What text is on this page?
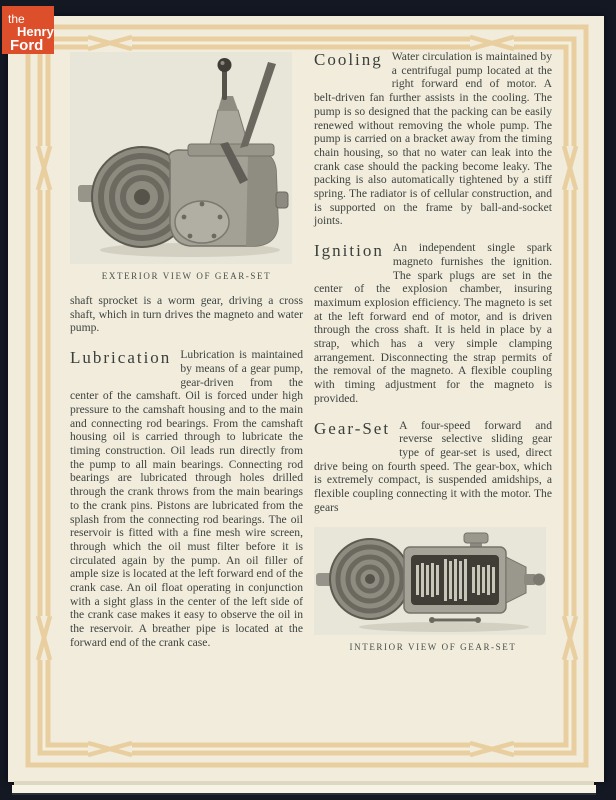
the
Henry
Ford
EXTERIOR VIEW OF GEAR-SET

shaft sprocket is a worm gear, driving a cross shaft, which in turn drives the magneto and water pump.

Lubrication Lubrication is maintained by means of a gear pump, gear-driven from the center of the camshaft. Oil is forced under high pressure to the camshaft housing and to the main and connecting rod bearings. From the camshaft housing oil is carried through to lubricate the timing construction. Oil leads run directly from the pump to all main bearings. Connecting rod bearings are lubricated through holes drilled through the crank throws from the main bearings to the crank pins. Pistons are lubricated from the splash from the connecting rod bearings. The oil reservoir is fitted with a fine mesh wire screen, through which the oil must filter before it is circulated again by the pump. An oil filler of ample size is located at the left forward end of the crank case. An oil float operating in conjunction with a sight glass in the center of the left side of the crank case makes it easy to observe the oil in the reservoir. A breather pipe is located at the forward end of the crank case.

Cooling Water circulation is maintained by a centrifugal pump located at the right forward end of motor. A belt-driven fan further assists in the cooling. The pump is so designed that the packing can be easily renewed without removing the whole pump. The pump is carried on a bracket away from the timing chain housing, so that no water can leak into the crank case should the packing become leaky. The packing is also automatically tightened by a stiff spring. The radiator is of cellular construction, and is supported on the frame by ball-and-socket joints.

Ignition An independent single spark magneto furnishes the ignition. The spark plugs are set in the center of the explosion chamber, insuring maximum explosion efficiency. The magneto is set at the left forward end of motor, and is driven through the cross shaft. It is held in place by a strap, which has a very simple clamping arrangement. Disconnecting the strap permits of the removal of the magneto. A flexible coupling with timing adjustment for the magneto is provided.

Gear-Set A four-speed forward and reverse selective sliding gear type of gear-set is used, direct drive being on fourth speed. The gear-box, which is extremely compact, is suspended amidships, a flexible coupling connecting it with the motor. The gears

INTERIOR VIEW OF GEAR-SET
